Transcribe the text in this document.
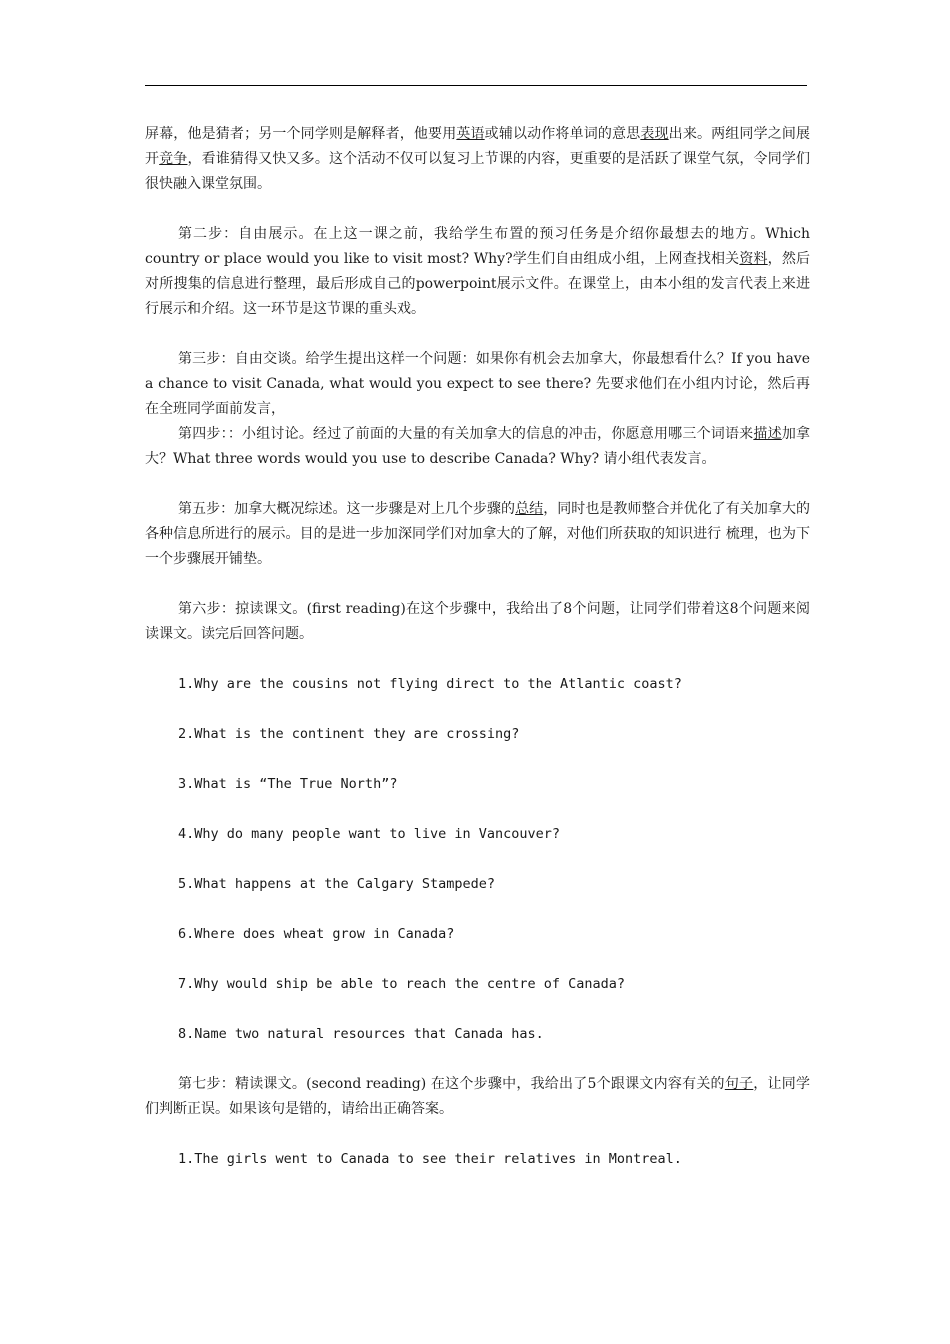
屏幕，他是猜者；另一个同学则是解释者，他要用英语或辅以动作将单词的意思表现出来。两组同学之间展开竞争，看谁猜得又快又多。这个活动不仅可以复习上节课的内容，更重要的是活跃了课堂气氛，令同学们很快融入课堂氛围。

第二步：自由展示。在上这一课之前，我给学生布置的预习任务是介绍你最想去的地方。Which country or place would you like to visit most? Why?学生们自由组成小组，上网查找相关资料，然后对所搜集的信息进行整理，最后形成自己的powerpoint展示文件。在课堂上，由本小组的发言代表上来进行展示和介绍。这一环节是这节课的重头戏。

第三步：自由交谈。给学生提出这样一个问题：如果你有机会去加拿大，你最想看什么？If you have a chance to visit Canada, what would you expect to see there? 先要求他们在小组内讨论，然后再在全班同学面前发言，

第四步：：小组讨论。经过了前面的大量的有关加拿大的信息的冲击，你愿意用哪三个词语来描述加拿大？What three words would you use to describe Canada? Why? 请小组代表发言。

第五步：加拿大概况综述。这一步骤是对上几个步骤的总结，同时也是教师整合并优化了有关加拿大的各种信息所进行的展示。目的是进一步加深同学们对加拿大的了解，对他们所获取的知识进行 梳理，也为下一个步骤展开铺垫。

第六步：掠读课文。(first reading)在这个步骤中，我给出了8个问题，让同学们带着这8个问题来阅读课文。读完后回答问题。

1.Why are the cousins not flying direct to the Atlantic coast?

2.What is the continent they are crossing?

3.What is “The True North”?

4.Why do many people want to live in Vancouver?

5.What happens at the Calgary Stampede?

6.Where does wheat grow in Canada?

7.Why would ship be able to reach the centre of Canada?

8.Name two natural resources that Canada has.

第七步：精读课文。(second reading) 在这个步骤中，我给出了5个跟课文内容有关的句子，让同学们判断正误。如果该句是错的，请给出正确答案。

1.The girls went to Canada to see their relatives in Montreal.
